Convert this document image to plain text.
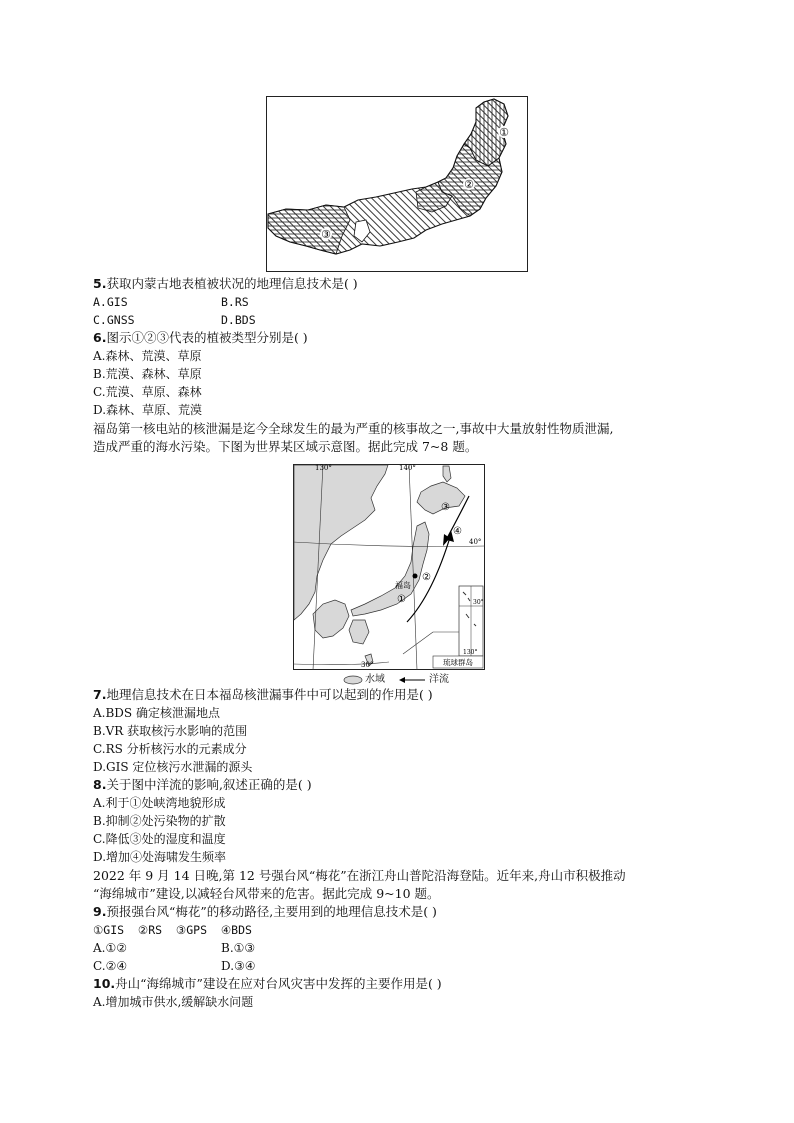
①
②
③
5.获取内蒙古地表植被状况的地理信息技术是( )
A.GIS	B.RS
C.GNSS	D.BDS
6.图示①②③代表的植被类型分别是( )
A.森林、荒漠、草原
B.荒漠、森林、草原
C.荒漠、草原、森林
D.森林、草原、荒漠
福岛第一核电站的核泄漏是迄今全球发生的最为严重的核事故之一,事故中大量放射性物质泄漏,
造成严重的海水污染。下图为世界某区域示意图。据此完成 7~8 题。
130°	140°
40°
30°
福岛
②
①
③
④
30°
130°
琉球群岛
水域	洋流
7.地理信息技术在日本福岛核泄漏事件中可以起到的作用是( )
A.BDS 确定核泄漏地点
B.VR 获取核污水影响的范围
C.RS 分析核污水的元素成分
D.GIS 定位核污水泄漏的源头
8.关于图中洋流的影响,叙述正确的是( )
A.利于①处峡湾地貌形成
B.抑制②处污染物的扩散
C.降低③处的湿度和温度
D.增加④处海啸发生频率
2022 年 9 月 14 日晚,第 12 号强台风“梅花”在浙江舟山普陀沿海登陆。近年来,舟山市积极推动
“海绵城市”建设,以减轻台风带来的危害。据此完成 9~10 题。
9.预报强台风“梅花”的移动路径,主要用到的地理信息技术是( )
①GIS  ②RS  ③GPS  ④BDS
A.①②	B.①③
C.②④	D.③④
10.舟山“海绵城市”建设在应对台风灾害中发挥的主要作用是( )
A.增加城市供水,缓解缺水问题
